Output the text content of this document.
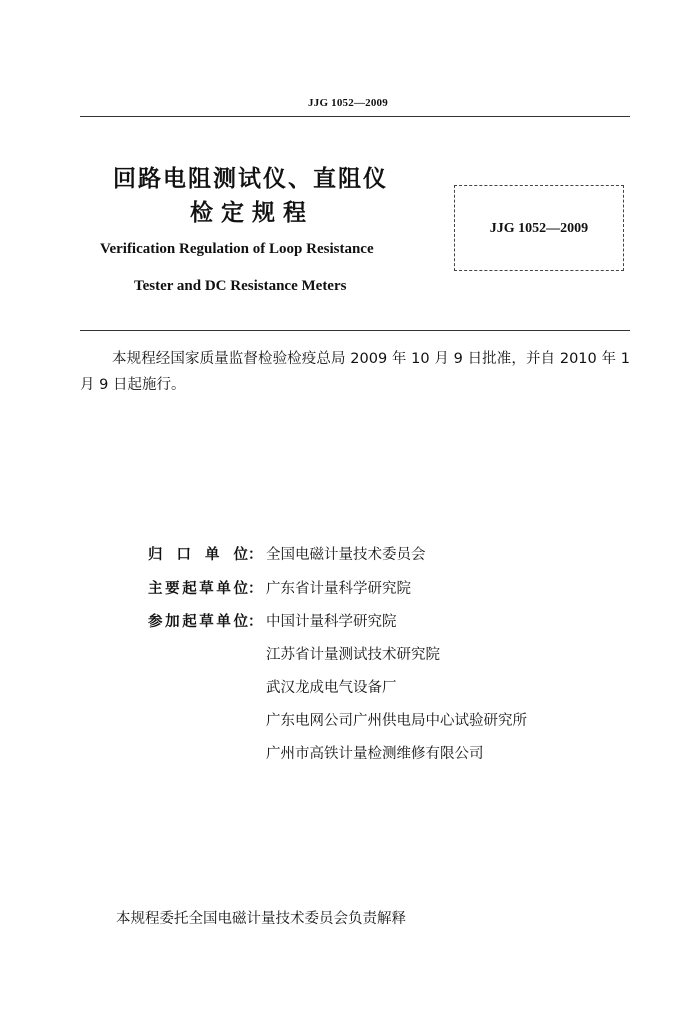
JJG 1052—2009
回路电阻测试仪、直阻仪
检定规程
Verification Regulation of Loop Resistance
Tester and DC Resistance Meters
JJG 1052—2009
本规程经国家质量监督检验检疫总局 2009 年 10 月 9 日批准，并自 2010 年 1 月 9 日起施行。
归口单位： 全国电磁计量技术委员会
主要起草单位： 广东省计量科学研究院
参加起草单位： 中国计量科学研究院
江苏省计量测试技术研究院
武汉龙成电气设备厂
广东电网公司广州供电局中心试验研究所
广州市高铁计量检测维修有限公司
本规程委托全国电磁计量技术委员会负责解释
